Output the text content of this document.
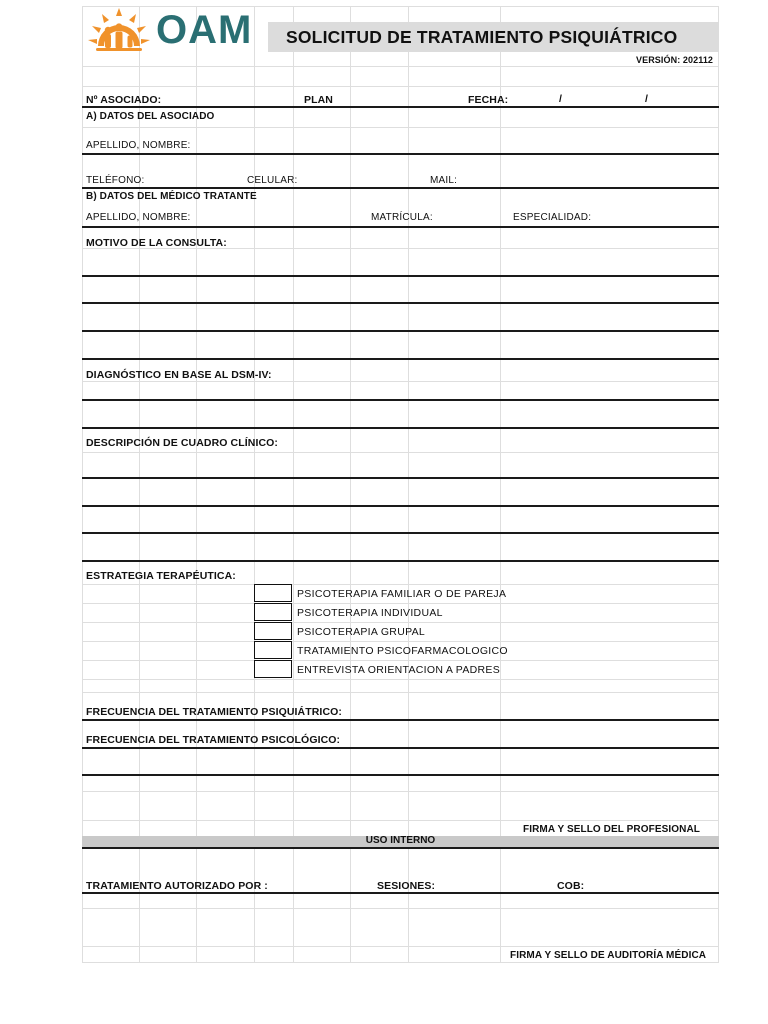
OAM SOLICITUD DE TRATAMIENTO PSIQUIÁTRICO
VERSIÓN: 202112
Nº ASOCIADO:	PLAN	FECHA:	/	/
A) DATOS DEL ASOCIADO
APELLIDO, NOMBRE:
TELÉFONO:	CELULAR:	MAIL:
B) DATOS DEL MÉDICO TRATANTE
APELLIDO, NOMBRE:	MATRÍCULA:	ESPECIALIDAD:
MOTIVO DE LA CONSULTA:
DIAGNÓSTICO EN BASE AL DSM-IV:
DESCRIPCIÓN DE CUADRO CLÍNICO:
ESTRATEGIA TERAPÉUTICA:
PSICOTERAPIA FAMILIAR O DE PAREJA
PSICOTERAPIA INDIVIDUAL
PSICOTERAPIA GRUPAL
TRATAMIENTO PSICOFARMACOLOGICO
ENTREVISTA ORIENTACION A PADRES
FRECUENCIA DEL TRATAMIENTO PSIQUIÁTRICO:
FRECUENCIA DEL TRATAMIENTO PSICOLÓGICO:
FIRMA Y SELLO DEL PROFESIONAL
USO INTERNO
TRATAMIENTO AUTORIZADO POR :	SESIONES:	COB:
FIRMA Y SELLO DE AUDITORÍA MÉDICA
